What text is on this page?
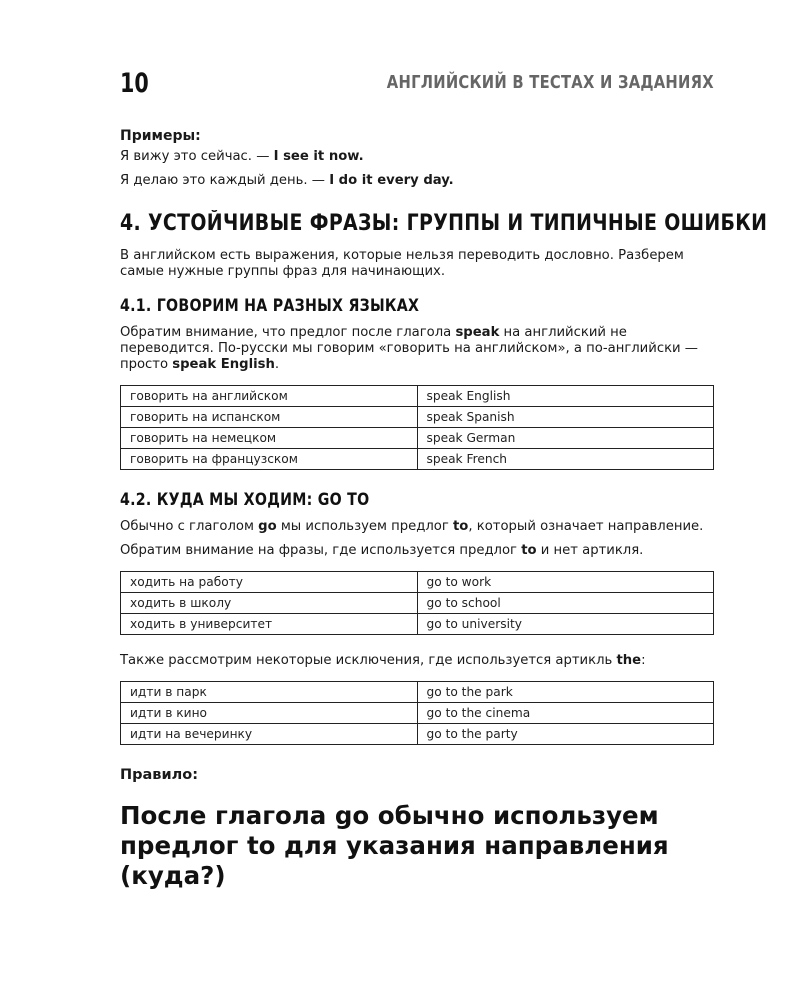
10	АНГЛИЙСКИЙ В ТЕСТАХ И ЗАДАНИЯХ

Примеры:

Я вижу это сейчас. — I see it now.

Я делаю это каждый день. — I do it every day.

4. УСТОЙЧИВЫЕ ФРАЗЫ: ГРУППЫ И ТИПИЧНЫЕ ОШИБКИ

В английском есть выражения, которые нельзя переводить дословно. Разберем самые нужные группы фраз для начинающих.

4.1. ГОВОРИМ НА РАЗНЫХ ЯЗЫКАХ

Обратим внимание, что предлог после глагола speak на английский не переводится. По-русски мы говорим «говорить на английском», а по-английски — просто speak English.

говорить на английском	speak English
говорить на испанском	speak Spanish
говорить на немецком	speak German
говорить на французском	speak French
4.2. КУДА МЫ ХОДИМ: GO TO

Обычно с глаголом go мы используем предлог to, который означает направление.

Обратим внимание на фразы, где используется предлог to и нет артикля.

ходить на работу	go to work
ходить в школу	go to school
ходить в университет	go to university

Также рассмотрим некоторые исключения, где используется артикль the:

идти в парк	go to the park
идти в кино	go to the cinema
идти на вечеринку	go to the party

Правило:

После глагола go обычно используем предлог to для указания направления (куда?)
